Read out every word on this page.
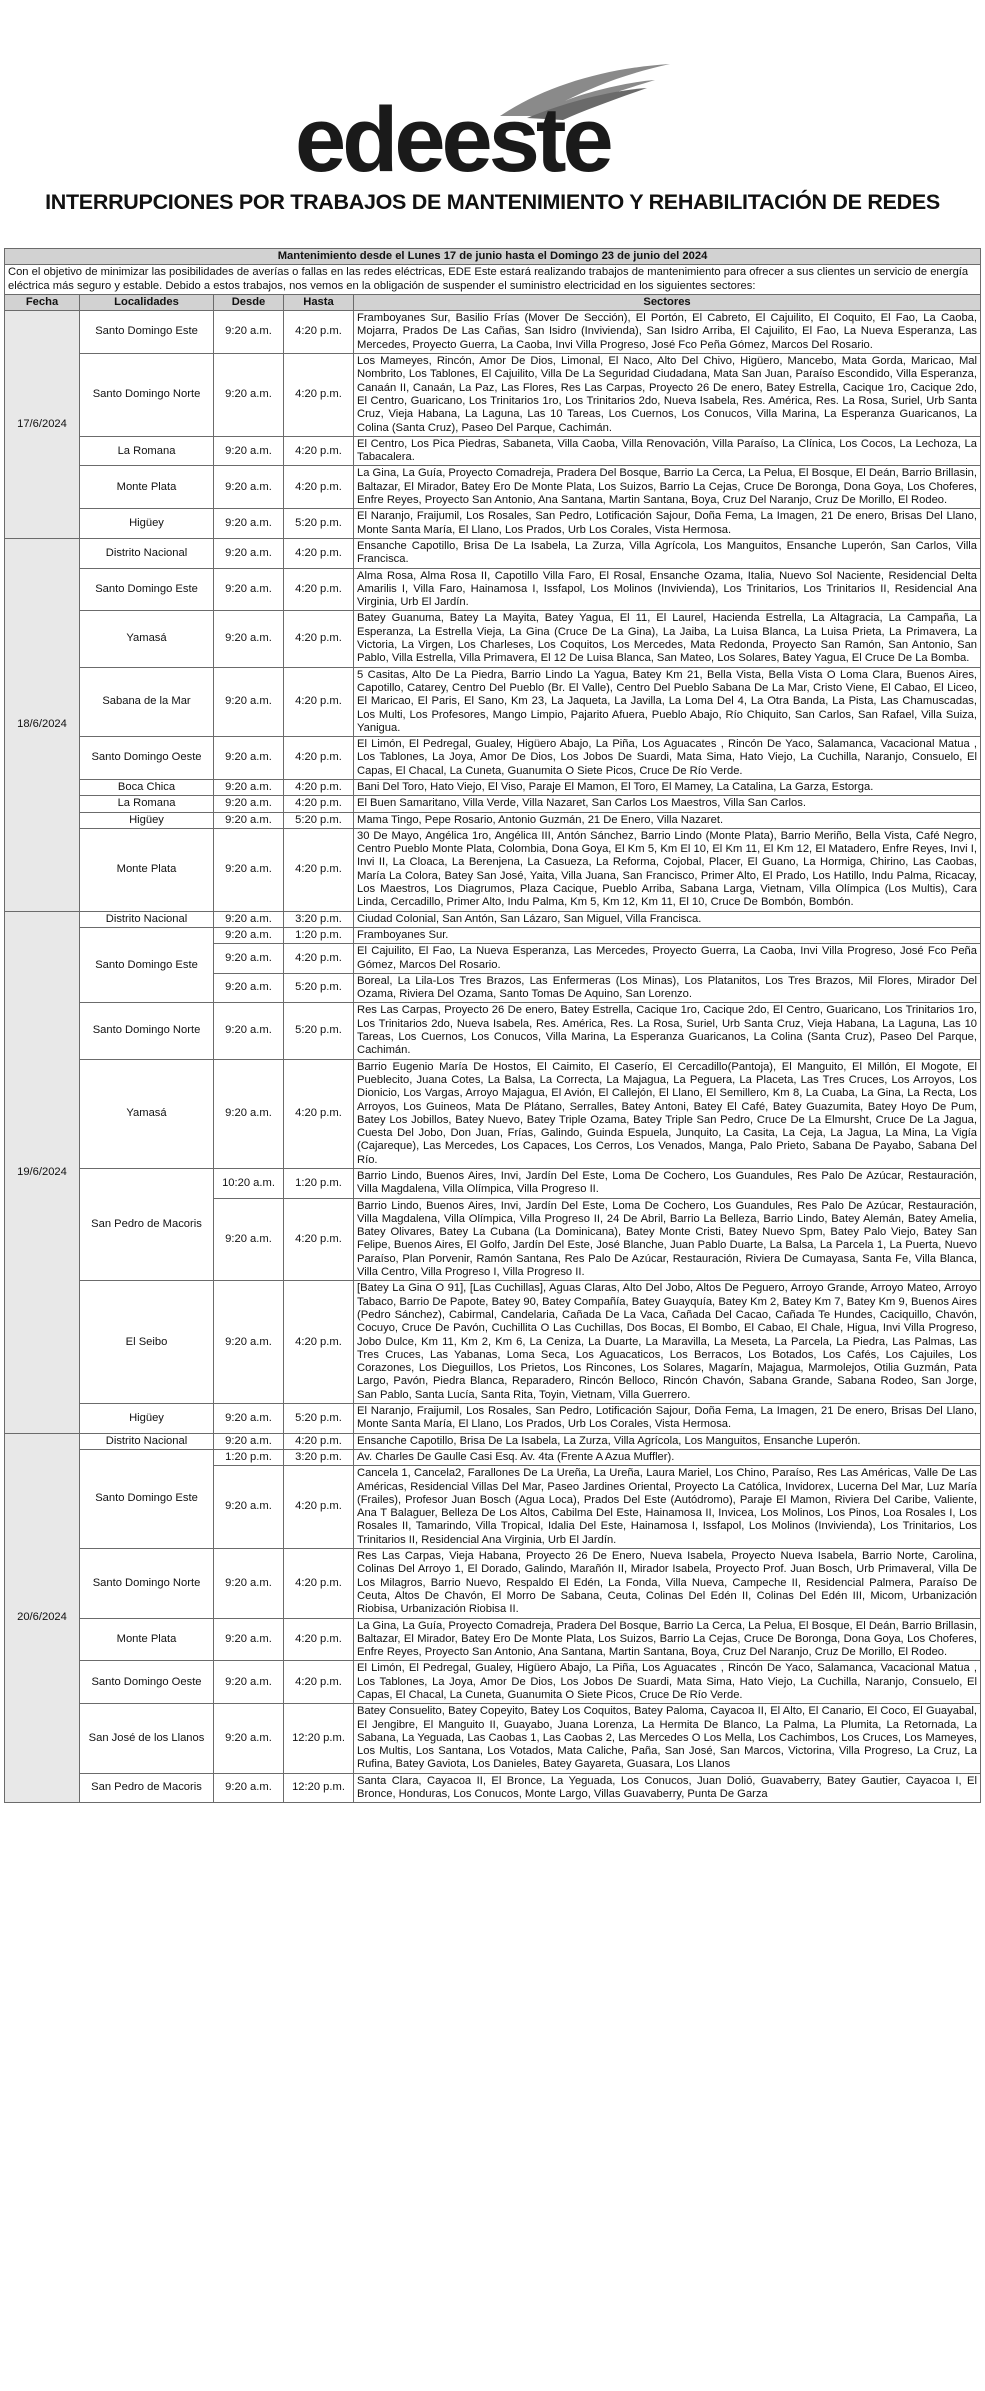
edeeste
INTERRUPCIONES POR TRABAJOS DE MANTENIMIENTO Y REHABILITACIÓN DE REDES
Mantenimiento desde el Lunes 17 de junio hasta el Domingo 23 de junio del 2024				
Con el objetivo de minimizar las posibilidades de averías o fallas en las redes eléctricas, EDE Este estará realizando trabajos de mantenimiento para ofrecer a sus clientes un servicio de energía eléctrica más seguro y estable. Debido a estos trabajos, nos vemos en la obligación de suspender el suministro electricidad en los siguientes sectores:				
Fecha	Localidades	Desde	Hasta	Sectores
17/6/2024	Santo Domingo Este	9:20 a.m.	4:20 p.m.	Framboyanes Sur, Basilio Frías (Mover De Sección), El Portón, El Cabreto, El Cajuilito, El Coquito, El Fao, La Caoba, Mojarra, Prados De Las Cañas, San Isidro (Invivienda), San Isidro Arriba, El Cajuilito, El Fao, La Nueva Esperanza, Las Mercedes, Proyecto Guerra, La Caoba, Invi Villa Progreso, José Fco Peña Gómez, Marcos Del Rosario.
	Santo Domingo Norte	9:20 a.m.	4:20 p.m.	Los Mameyes, Rincón, Amor De Dios, Limonal, El Naco, Alto Del Chivo, Higüero, Mancebo, Mata Gorda, Maricao, Mal Nombrito, Los Tablones, El Cajuilito, Villa De La Seguridad Ciudadana, Mata San Juan, Paraíso Escondido, Villa Esperanza, Canaán II, Canaán, La Paz, Las Flores, Res Las Carpas, Proyecto 26 De enero, Batey Estrella, Cacique 1ro, Cacique 2do, El Centro, Guaricano, Los Trinitarios 1ro, Los Trinitarios 2do, Nueva Isabela, Res. América, Res. La Rosa, Suriel, Urb Santa Cruz, Vieja Habana, La Laguna, Las 10 Tareas, Los Cuernos, Los Conucos, Villa Marina, La Esperanza Guaricanos, La Colina (Santa Cruz), Paseo Del Parque, Cachimán.
	La Romana	9:20 a.m.	4:20 p.m.	El Centro, Los Pica Piedras, Sabaneta, Villa Caoba, Villa Renovación, Villa Paraíso, La Clínica, Los Cocos, La Lechoza, La Tabacalera.
	Monte Plata	9:20 a.m.	4:20 p.m.	La Gina, La Guía, Proyecto Comadreja, Pradera Del Bosque, Barrio La Cerca, La Pelua, El Bosque, El Deán, Barrio Brillasin, Baltazar, El Mirador, Batey Ero De Monte Plata, Los Suizos, Barrio La Cejas, Cruce De Boronga, Dona Goya, Los Choferes, Enfre Reyes, Proyecto San Antonio, Ana Santana, Martin Santana, Boya, Cruz Del Naranjo, Cruz De Morillo, El Rodeo.
	Higüey	9:20 a.m.	5:20 p.m.	El Naranjo, Fraijumil, Los Rosales, San Pedro, Lotificación Sajour, Doña Fema, La Imagen, 21 De enero, Brisas Del Llano, Monte Santa María, El Llano, Los Prados, Urb Los Corales, Vista Hermosa.
18/6/2024	Distrito Nacional	9:20 a.m.	4:20 p.m.	Ensanche Capotillo, Brisa De La Isabela, La Zurza, Villa Agrícola, Los Manguitos, Ensanche Luperón, San Carlos, Villa Francisca.
	Santo Domingo Este	9:20 a.m.	4:20 p.m.	Alma Rosa, Alma Rosa II, Capotillo Villa Faro, El Rosal, Ensanche Ozama, Italia, Nuevo Sol Naciente, Residencial Delta Amarilis I, Villa Faro, Hainamosa I, Issfapol, Los Molinos (Invivienda), Los Trinitarios, Los Trinitarios II, Residencial Ana Virginia, Urb El Jardín.
	Yamasá	9:20 a.m.	4:20 p.m.	Batey Guanuma, Batey La Mayita, Batey Yagua, El 11, El Laurel, Hacienda Estrella, La Altagracia, La Campaña, La Esperanza, La Estrella Vieja, La Gina (Cruce De La Gina), La Jaiba, La Luisa Blanca, La Luisa Prieta, La Primavera, La Victoria, La Virgen, Los Charleses, Los Coquitos, Los Mercedes, Mata Redonda, Proyecto San Ramón, San Antonio, San Pablo, Villa Estrella, Villa Primavera, El 12 De Luisa Blanca, San Mateo, Los Solares, Batey Yagua, El Cruce De La Bomba.
	Sabana de la Mar	9:20 a.m.	4:20 p.m.	5 Casitas, Alto De La Piedra, Barrio Lindo La Yagua, Batey Km 21, Bella Vista, Bella Vista O Loma Clara, Buenos Aires, Capotillo, Catarey, Centro Del Pueblo (Br. El Valle), Centro Del Pueblo Sabana De La Mar, Cristo Viene, El Cabao, El Liceo, El Maricao, El Paris, El Sano, Km 23, La Jaqueta, La Javilla, La Loma Del 4, La Otra Banda, La Pista, Las Chamuscadas, Los Multi, Los Profesores, Mango Limpio, Pajarito Afuera, Pueblo Abajo, Río Chiquito, San Carlos, San Rafael, Villa Suiza, Yanigua.
	Santo Domingo Oeste	9:20 a.m.	4:20 p.m.	El Limón, El Pedregal, Gualey, Higüero Abajo, La Piña, Los Aguacates , Rincón De Yaco, Salamanca, Vacacional Matua , Los Tablones, La Joya, Amor De Dios, Los Jobos De Suardi, Mata Sima, Hato Viejo, La Cuchilla, Naranjo, Consuelo, El Capas, El Chacal, La Cuneta, Guanumita O Siete Picos, Cruce De Río Verde.
	Boca Chica	9:20 a.m.	4:20 p.m.	Bani Del Toro, Hato Viejo, El Viso, Paraje El Mamon, El Toro, El Mamey, La Catalina, La Garza, Estorga.
	La Romana	9:20 a.m.	4:20 p.m.	El Buen Samaritano, Villa Verde, Villa Nazaret, San Carlos Los Maestros, Villa San Carlos.
	Higüey	9:20 a.m.	5:20 p.m.	Mama Tingo, Pepe Rosario, Antonio Guzmán, 21 De Enero, Villa Nazaret.
	Monte Plata	9:20 a.m.	4:20 p.m.	30 De Mayo, Angélica 1ro, Angélica III, Antón Sánchez, Barrio Lindo (Monte Plata), Barrio Meriño, Bella Vista, Café Negro, Centro Pueblo Monte Plata, Colombia, Dona Goya, El Km 5, Km El 10, El Km 11, El Km 12, El Matadero, Enfre Reyes, Invi I, Invi II, La Cloaca, La Berenjena, La Casueza, La Reforma, Cojobal, Placer, El Guano, La Hormiga, Chirino, Las Caobas, María La Colora, Batey San José, Yaita, Villa Juana, San Francisco, Primer Alto, El Prado, Los Hatillo, Indu Palma, Ricacay, Los Maestros, Los Diagrumos, Plaza Cacique, Pueblo Arriba, Sabana Larga, Vietnam, Villa Olímpica (Los Multis), Cara Linda, Cercadillo, Primer Alto, Indu Palma, Km 5, Km 12, Km 11, El 10, Cruce De Bombón, Bombón.
19/6/2024	Distrito Nacional	9:20 a.m.	3:20 p.m.	Ciudad Colonial, San Antón, San Lázaro, San Miguel, Villa Francisca.
	Santo Domingo Este	9:20 a.m.	1:20 p.m.	Framboyanes Sur.
		9:20 a.m.	4:20 p.m.	El Cajuilito, El Fao, La Nueva Esperanza, Las Mercedes, Proyecto Guerra, La Caoba, Invi Villa Progreso, José Fco Peña Gómez, Marcos Del Rosario.
		9:20 a.m.	5:20 p.m.	Boreal, La Lila-Los Tres Brazos, Las Enfermeras (Los Minas), Los Platanitos, Los Tres Brazos, Mil Flores, Mirador Del Ozama, Riviera Del Ozama, Santo Tomas De Aquino, San Lorenzo.
	Santo Domingo Norte	9:20 a.m.	5:20 p.m.	Res Las Carpas, Proyecto 26 De enero, Batey Estrella, Cacique 1ro, Cacique 2do, El Centro, Guaricano, Los Trinitarios 1ro, Los Trinitarios 2do, Nueva Isabela, Res. América, Res. La Rosa, Suriel, Urb Santa Cruz, Vieja Habana, La Laguna, Las 10 Tareas, Los Cuernos, Los Conucos, Villa Marina, La Esperanza Guaricanos, La Colina (Santa Cruz), Paseo Del Parque, Cachimán.
	Yamasá	9:20 a.m.	4:20 p.m.	Barrio Eugenio María De Hostos, El Caimito, El Caserío, El Cercadillo(Pantoja), El Manguito, El Millón, El Mogote, El Pueblecito, Juana Cotes, La Balsa, La Correcta, La Majagua, La Peguera, La Placeta, Las Tres Cruces, Los Arroyos, Los Dionicio, Los Vargas, Arroyo Majagua, El Avión, El Callejón, El Llano, El Semillero, Km 8, La Cuaba, La Gina, La Recta, Los Arroyos, Los Guineos, Mata De Plátano, Serralles, Batey Antoni, Batey El Café, Batey Guazumita, Batey Hoyo De Pum, Batey Los Jobillos, Batey Nuevo, Batey Triple Ozama, Batey Triple San Pedro, Cruce De La Elmursht, Cruce De La Jagua, Cuesta Del Jobo, Don Juan, Frías, Galindo, Guinda Espuela, Junquito, La Casita, La Ceja, La Jagua, La Mina, La Vigía (Cajareque), Las Mercedes, Los Capaces, Los Cerros, Los Venados, Manga, Palo Prieto, Sabana De Payabo, Sabana Del Río.
	San Pedro de Macoris	10:20 a.m.	1:20 p.m.	Barrio Lindo, Buenos Aires, Invi, Jardín Del Este, Loma De Cochero, Los Guandules, Res Palo De Azúcar, Restauración, Villa Magdalena, Villa Olímpica, Villa Progreso II.
		9:20 a.m.	4:20 p.m.	Barrio Lindo, Buenos Aires, Invi, Jardín Del Este, Loma De Cochero, Los Guandules, Res Palo De Azúcar, Restauración, Villa Magdalena, Villa Olímpica, Villa Progreso II, 24 De Abril, Barrio La Belleza, Barrio Lindo, Batey Alemán, Batey Amelia, Batey Olivares, Batey La Cubana (La Dominicana), Batey Monte Cristi, Batey Nuevo Spm, Batey Palo Viejo, Batey San Felipe, Buenos Aires, El Golfo, Jardín Del Este, José Blanche, Juan Pablo Duarte, La Balsa, La Parcela 1, La Puerta, Nuevo Paraíso, Plan Porvenir, Ramón Santana, Res Palo De Azúcar, Restauración, Riviera De Cumayasa, Santa Fe, Villa Blanca, Villa Centro, Villa Progreso I, Villa Progreso II.
	El Seibo	9:20 a.m.	4:20 p.m.	[Batey La Gina O 91], [Las Cuchillas], Aguas Claras, Alto Del Jobo, Altos De Peguero, Arroyo Grande, Arroyo Mateo, Arroyo Tabaco, Barrio De Papote, Batey 90, Batey Compañía, Batey Guayquía, Batey Km 2, Batey Km 7, Batey Km 9, Buenos Aires (Pedro Sánchez), Cabirmal, Candelaria, Cañada De La Vaca, Cañada Del Cacao, Cañada Te Hundes, Caciquillo, Chavón, Cocuyo, Cruce De Pavón, Cuchillita O Las Cuchillas, Dos Bocas, El Bombo, El Cabao, El Chale, Higua, Invi Villa Progreso, Jobo Dulce, Km 11, Km 2, Km 6, La Ceniza, La Duarte, La Maravilla, La Meseta, La Parcela, La Piedra, Las Palmas, Las Tres Cruces, Las Yabanas, Loma Seca, Los Aguacaticos, Los Berracos, Los Botados, Los Cafés, Los Cajuiles, Los Corazones, Los Dieguillos, Los Prietos, Los Rincones, Los Solares, Magarín, Majagua, Marmolejos, Otilia Guzmán, Pata Largo, Pavón, Piedra Blanca, Reparadero, Rincón Belloco, Rincón Chavón, Sabana Grande, Sabana Rodeo, San Jorge, San Pablo, Santa Lucía, Santa Rita, Toyin, Vietnam, Villa Guerrero.
	Higüey	9:20 a.m.	5:20 p.m.	El Naranjo, Fraijumil, Los Rosales, San Pedro, Lotificación Sajour, Doña Fema, La Imagen, 21 De enero, Brisas Del Llano, Monte Santa María, El Llano, Los Prados, Urb Los Corales, Vista Hermosa.
20/6/2024	Distrito Nacional	9:20 a.m.	4:20 p.m.	Ensanche Capotillo, Brisa De La Isabela, La Zurza, Villa Agrícola, Los Manguitos, Ensanche Luperón.
	Santo Domingo Este	1:20 p.m.	3:20 p.m.	Av. Charles De Gaulle Casi Esq. Av. 4ta (Frente A Azua Muffler).
		9:20 a.m.	4:20 p.m.	Cancela 1, Cancela2, Farallones De La Ureña, La Ureña, Laura Mariel, Los Chino, Paraíso, Res Las Américas, Valle De Las Américas, Residencial Villas Del Mar, Paseo Jardines Oriental, Proyecto La Católica, Invidorex, Lucerna Del Mar, Luz María (Frailes), Profesor Juan Bosch (Agua Loca), Prados Del Este (Autódromo), Paraje El Mamon, Riviera Del Caribe, Valiente, Ana T Balaguer, Belleza De Los Altos, Cabilma Del Este, Hainamosa II, Invicea, Los Molinos, Los Pinos, Loa Rosales I, Los Rosales II, Tamarindo, Villa Tropical, Idalia Del Este, Hainamosa I, Issfapol, Los Molinos (Invivienda), Los Trinitarios, Los Trinitarios II, Residencial Ana Virginia, Urb El Jardín.
	Santo Domingo Norte	9:20 a.m.	4:20 p.m.	Res Las Carpas, Vieja Habana, Proyecto 26 De Enero, Nueva Isabela, Proyecto Nueva Isabela, Barrio Norte, Carolina, Colinas Del Arroyo 1, El Dorado, Galindo, Marañón II, Mirador Isabela, Proyecto Prof. Juan Bosch, Urb Primaveral, Villa De Los Milagros, Barrio Nuevo, Respaldo El Edén, La Fonda, Villa Nueva, Campeche II, Residencial Palmera, Paraíso De Ceuta, Altos De Chavón, El Morro De Sabana, Ceuta, Colinas Del Edén II, Colinas Del Edén III, Micom, Urbanización Riobisa, Urbanización Riobisa II.
	Monte Plata	9:20 a.m.	4:20 p.m.	La Gina, La Guía, Proyecto Comadreja, Pradera Del Bosque, Barrio La Cerca, La Pelua, El Bosque, El Deán, Barrio Brillasin, Baltazar, El Mirador, Batey Ero De Monte Plata, Los Suizos, Barrio La Cejas, Cruce De Boronga, Dona Goya, Los Choferes, Enfre Reyes, Proyecto San Antonio, Ana Santana, Martin Santana, Boya, Cruz Del Naranjo, Cruz De Morillo, El Rodeo.
	Santo Domingo Oeste	9:20 a.m.	4:20 p.m.	El Limón, El Pedregal, Gualey, Higüero Abajo, La Piña, Los Aguacates , Rincón De Yaco, Salamanca, Vacacional Matua , Los Tablones, La Joya, Amor De Dios, Los Jobos De Suardi, Mata Sima, Hato Viejo, La Cuchilla, Naranjo, Consuelo, El Capas, El Chacal, La Cuneta, Guanumita O Siete Picos, Cruce De Río Verde.
	San José de los Llanos	9:20 a.m.	12:20 p.m.	Batey Consuelito, Batey Copeyito, Batey Los Coquitos, Batey Paloma, Cayacoa II, El Alto, El Canario, El Coco, El Guayabal, El Jengibre, El Manguito II, Guayabo, Juana Lorenza, La Hermita De Blanco, La Palma, La Plumita, La Retornada, La Sabana, La Yeguada, Las Caobas 1, Las Caobas 2, Las Mercedes O Los Mella, Los Cachimbos, Los Cruces, Los Mameyes, Los Multis, Los Santana, Los Votados, Mata Caliche, Paña, San José, San Marcos, Victorina, Villa Progreso, La Cruz, La Rufina, Batey Gaviota, Los Danieles, Batey Gayareta, Guasara, Los Llanos
	San Pedro de Macoris	9:20 a.m.	12:20 p.m.	Santa Clara, Cayacoa II, El Bronce, La Yeguada, Los Conucos, Juan Dolió, Guavaberry, Batey Gautier, Cayacoa I, El Bronce, Honduras, Los Conucos, Monte Largo, Villas Guavaberry, Punta De Garza
